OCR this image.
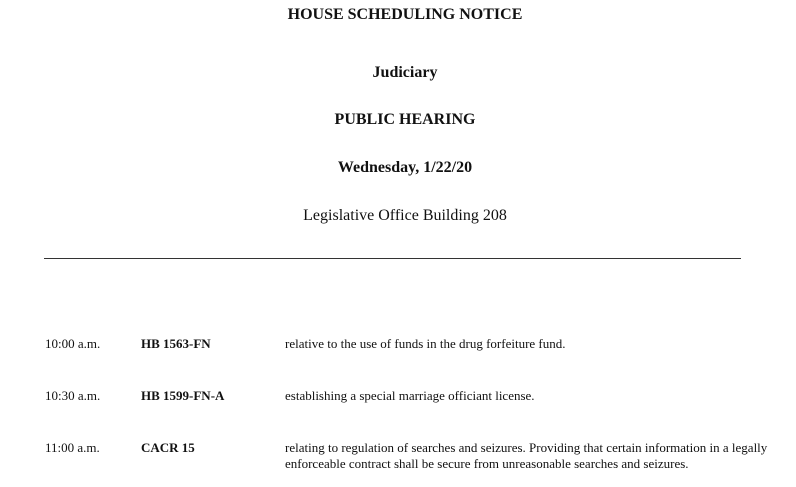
HOUSE SCHEDULING NOTICE
Judiciary
PUBLIC HEARING
Wednesday, 1/22/20
Legislative Office Building 208
10:00 a.m.	HB 1563-FN	relative to the use of funds in the drug forfeiture fund.
10:30 a.m.	HB 1599-FN-A	establishing a special marriage officiant license.
11:00 a.m.	CACR 15	relating to regulation of searches and seizures. Providing that certain information in a legally enforceable contract shall be secure from unreasonable searches and seizures.
